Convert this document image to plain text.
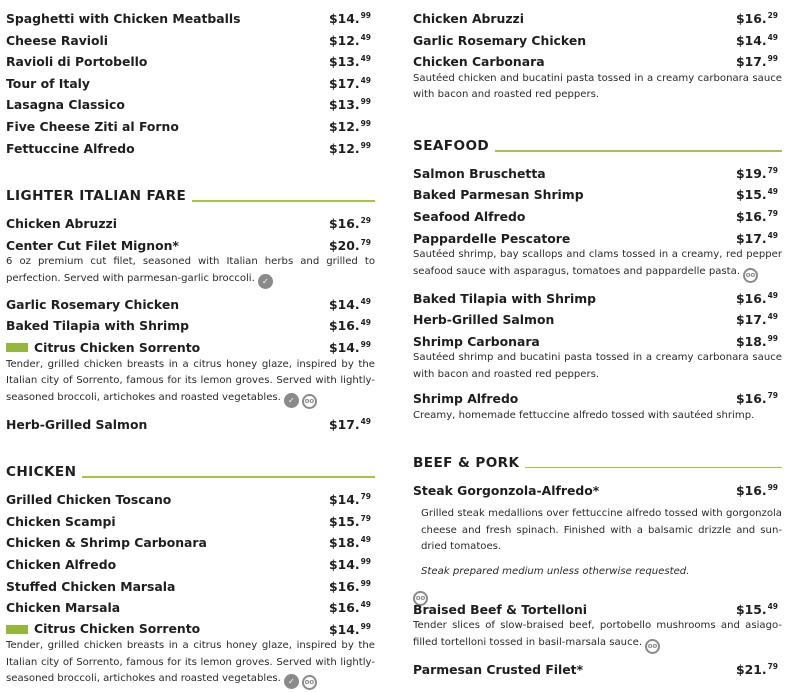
Spaghetti with Chicken Meatballs	$14.99
Cheese Ravioli	$12.49
Ravioli di Portobello	$13.49
Tour of Italy	$17.49
Lasagna Classico	$13.99
Five Cheese Ziti al Forno	$12.99
Fettuccine Alfredo	$12.99
LIGHTER ITALIAN FARE
Chicken Abruzzi	$16.29
Center Cut Filet Mignon*	$20.79

6 oz premium cut filet, seasoned with Italian herbs and grilled to perfection. Served with parmesan-garlic broccoli. ✓

Garlic Rosemary Chicken	$14.49
Baked Tilapia with Shrimp	$16.49
Citrus Chicken Sorrento	$14.99

Tender, grilled chicken breasts in a citrus honey glaze, inspired by the Italian city of Sorrento, famous for its lemon groves. Served with lightly-seasoned broccoli, artichokes and roasted vegetables. ✓ oo

Herb-Grilled Salmon	$17.49
CHICKEN
Grilled Chicken Toscano	$14.79
Chicken Scampi	$15.79
Chicken & Shrimp Carbonara	$18.49
Chicken Alfredo	$14.99
Stuffed Chicken Marsala	$16.99
Chicken Marsala	$16.49
Citrus Chicken Sorrento	$14.99

Tender, grilled chicken breasts in a citrus honey glaze, inspired by the Italian city of Sorrento, famous for its lemon groves. Served with lightly-seasoned broccoli, artichokes and roasted vegetables. ✓ oo

Chicken Abruzzi	$16.29
Garlic Rosemary Chicken	$14.49
Chicken Carbonara	$17.99

Sautéed chicken and bucatini pasta tossed in a creamy carbonara sauce with bacon and roasted red peppers.

SEAFOOD
Salmon Bruschetta	$19.79
Baked Parmesan Shrimp	$15.49
Seafood Alfredo	$16.79
Pappardelle Pescatore	$17.49

Sautéed shrimp, bay scallops and clams tossed in a creamy, red pepper seafood sauce with asparagus, tomatoes and pappardelle pasta. oo

Baked Tilapia with Shrimp	$16.49
Herb-Grilled Salmon	$17.49
Shrimp Carbonara	$18.99

Sautéed shrimp and bucatini pasta tossed in a creamy carbonara sauce with bacon and roasted red peppers.

Shrimp Alfredo	$16.79

Creamy, homemade fettuccine alfredo tossed with sautéed shrimp.

BEEF & PORK
Steak Gorgonzola-Alfredo*	$16.99

Grilled steak medallions over fettuccine alfredo tossed with gorgonzola cheese and fresh spinach. Finished with a balsamic drizzle and sun-dried tomatoes.

Steak prepared medium unless otherwise requested.

oo
Braised Beef & Tortelloni	$15.49

Tender slices of slow-braised beef, portobello mushrooms and asiago-filled tortelloni tossed in basil-marsala sauce. oo

Parmesan Crusted Filet*	$21.79
